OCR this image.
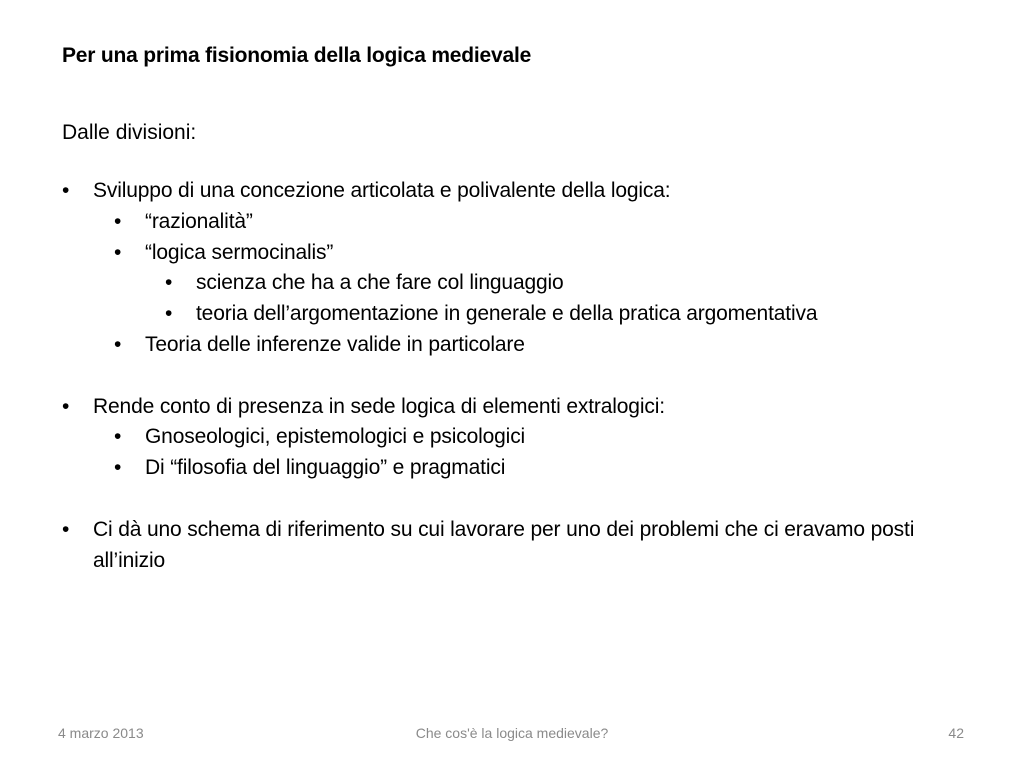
Per una prima fisionomia della logica medievale

Dalle divisioni:

• Sviluppo di una concezione articolata e polivalente della logica:
• “razionalità”
• “logica sermocinalis”
• scienza che ha a che fare col linguaggio
• teoria dell’argomentazione in generale e della pratica argomentativa
• Teoria delle inferenze valide in particolare
• Rende conto di presenza in sede logica di elementi extralogici:
• Gnoseologici, epistemologici e psicologici
• Di “filosofia del linguaggio” e pragmatici
• Ci dà uno schema di riferimento su cui lavorare per uno dei problemi che ci eravamo posti all’inizio
4 marzo 2013	Che cos'è la logica medievale?	42
